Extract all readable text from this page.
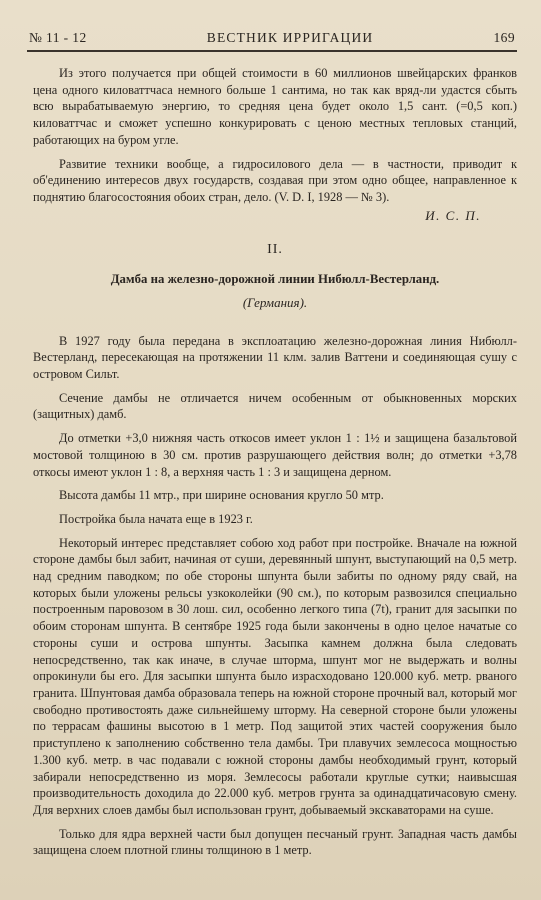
№ 11 - 12	ВЕСТНИК ИРРИГАЦИИ	169

Из этого получается при общей стоимости в 60 миллионов швейцарских франков цена одного киловаттчаса немного больше 1 сантима, но так как вряд-ли удастся сбыть всю вырабатываемую энергию, то средняя цена будет около 1,5 сант. (=0,5 коп.) киловаттчас и сможет успешно конкурировать с ценою местных тепловых станций, работающих на буром угле.

Развитие техники вообще, а гидросилового дела — в частности, приводит к об'единению интересов двух государств, создавая при этом одно общее, направленное к поднятию благосостояния обоих стран, дело. (V. D. I, 1928 — № 3).

И. С. П.
II.
Дамба на железно-дорожной линии Нибюлл-Вестерланд.
(Германия).

В 1927 году была передана в эксплоатацию железно-дорожная линия Нибюлл-Вестерланд, пересекающая на протяжении 11 клм. залив Ваттени и соединяющая сушу с островом Сильт.

Сечение дамбы не отличается ничем особенным от обыкновенных морских (защитных) дамб.

До отметки +3,0 нижняя часть откосов имеет уклон 1 : 1½ и защищена базальтовой мостовой толщиною в 30 см. против разрушающего действия волн; до отметки +3,78 откосы имеют уклон 1 : 8, а верхняя часть 1 : 3 и защищена дерном.

Высота дамбы 11 мтр., при ширине основания кругло 50 мтр.

Постройка была начата еще в 1923 г.

Некоторый интерес представляет собою ход работ при постройке. Вначале на южной стороне дамбы был забит, начиная от суши, деревянный шпунт, выступающий на 0,5 метр. над средним паводком; по обе стороны шпунта были забиты по одному ряду свай, на которых были уложены рельсы узкоколейки (90 см.), по которым развозился специально построенным паровозом в 30 лош. сил, особенно легкого типа (7t), гранит для засыпки по обоим сторонам шпунта. В сентябре 1925 года были закончены в одно целое начатые со стороны суши и острова шпунты. Засыпка камнем должна была следовать непосредственно, так как иначе, в случае шторма, шпунт мог не выдержать и волны опрокинули бы его. Для засыпки шпунта было израсходовано 120.000 куб. метр. рваного гранита. Шпунтовая дамба образовала теперь на южной стороне прочный вал, который мог свободно противостоять даже сильнейшему шторму. На северной стороне были уложены по террасам фашины высотою в 1 метр. Под защитой этих частей сооружения было приступлено к заполнению собственно тела дамбы. Три плавучих землесоса мощностью 1.300 куб. метр. в час подавали с южной стороны дамбы необходимый грунт, который забирали непосредственно из моря. Землесосы работали круглые сутки; наивысшая производительность доходила до 22.000 куб. метров грунта за одинадцатичасовую смену. Для верхних слоев дамбы был использован грунт, добываемый экскаваторами на суше.

Только для ядра верхней части был допущен песчаный грунт. Западная часть дамбы защищена слоем плотной глины толщиною в 1 метр.
